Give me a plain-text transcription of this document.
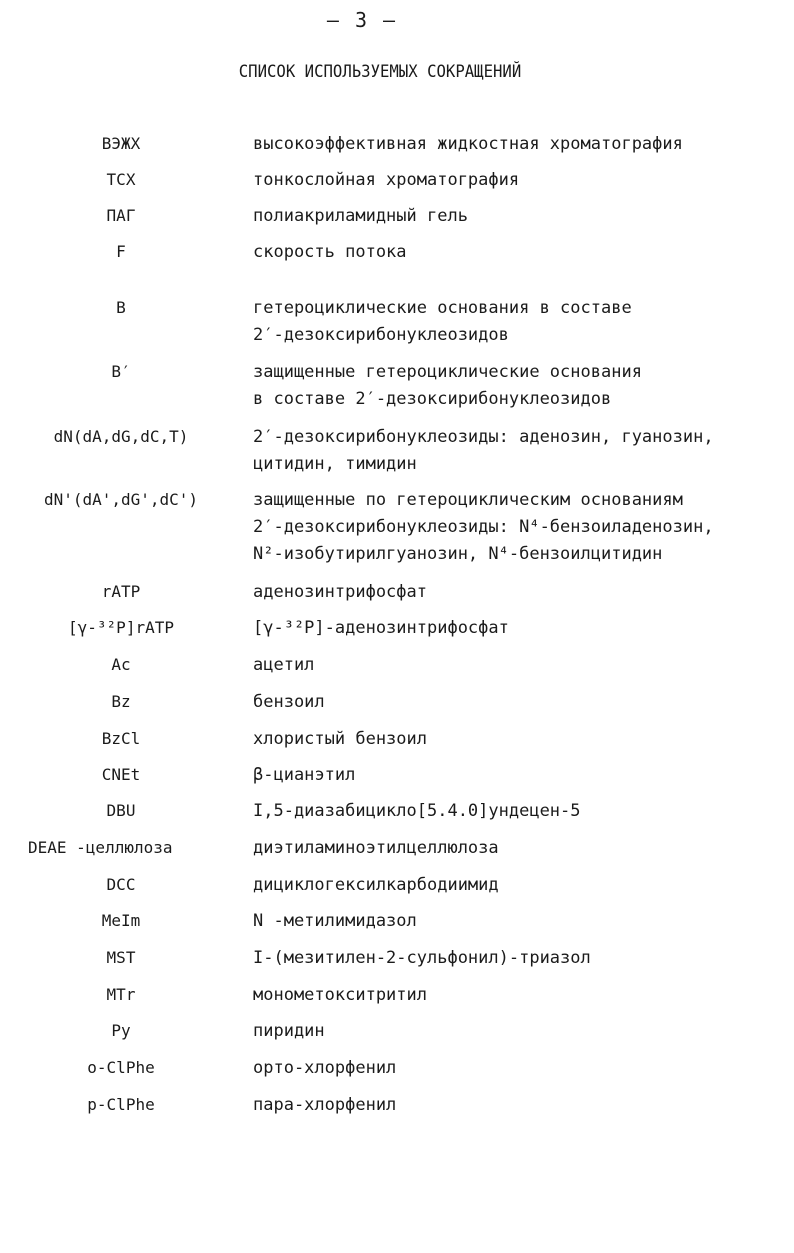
– 3 –
СПИСОК ИСПОЛЬЗУЕМЫХ СОКРАЩЕНИЙ
ВЭЖХ	высокоэффективная жидкостная хроматография
ТСХ	тонкослойная хроматография
ПАГ	полиакриламидный гель
F	скорость потока
B	гетероциклические основания в составе
2′-дезоксирибонуклеозидов
B′	защищенные гетероциклические основания
в составе 2′-дезоксирибонуклеозидов
dN(dA,dG,dC,T)	2′-дезоксирибонуклеозиды: аденозин, гуанозин,
цитидин, тимидин
dN'(dA',dG',dC')	защищенные по гетероциклическим основаниям
2′-дезоксирибонуклеозиды: N⁴-бензоиладенозин,
N²-изобутирилгуанозин, N⁴-бензоилцитидин
rATP	аденозинтрифосфат
[γ-³²P]rATP	[γ-³²P]-аденозинтрифосфат
Ac	ацетил
Bz	бензоил
BzCl	хлористый бензоил
CNEt	β-цианэтил
DBU	I,5-диазабицикло[5.4.0]ундецен-5
DEAE -целлюлоза	диэтиламиноэтилцеллюлоза
DCC	дициклогексилкарбодиимид
MeIm	N -метилимидазол
MST	I-(мезитилен-2-сульфонил)-триазол
MTr	монометокситритил
Py	пиридин
o-ClPhe	орто-хлорфенил
p-ClPhe	пара-хлорфенил
